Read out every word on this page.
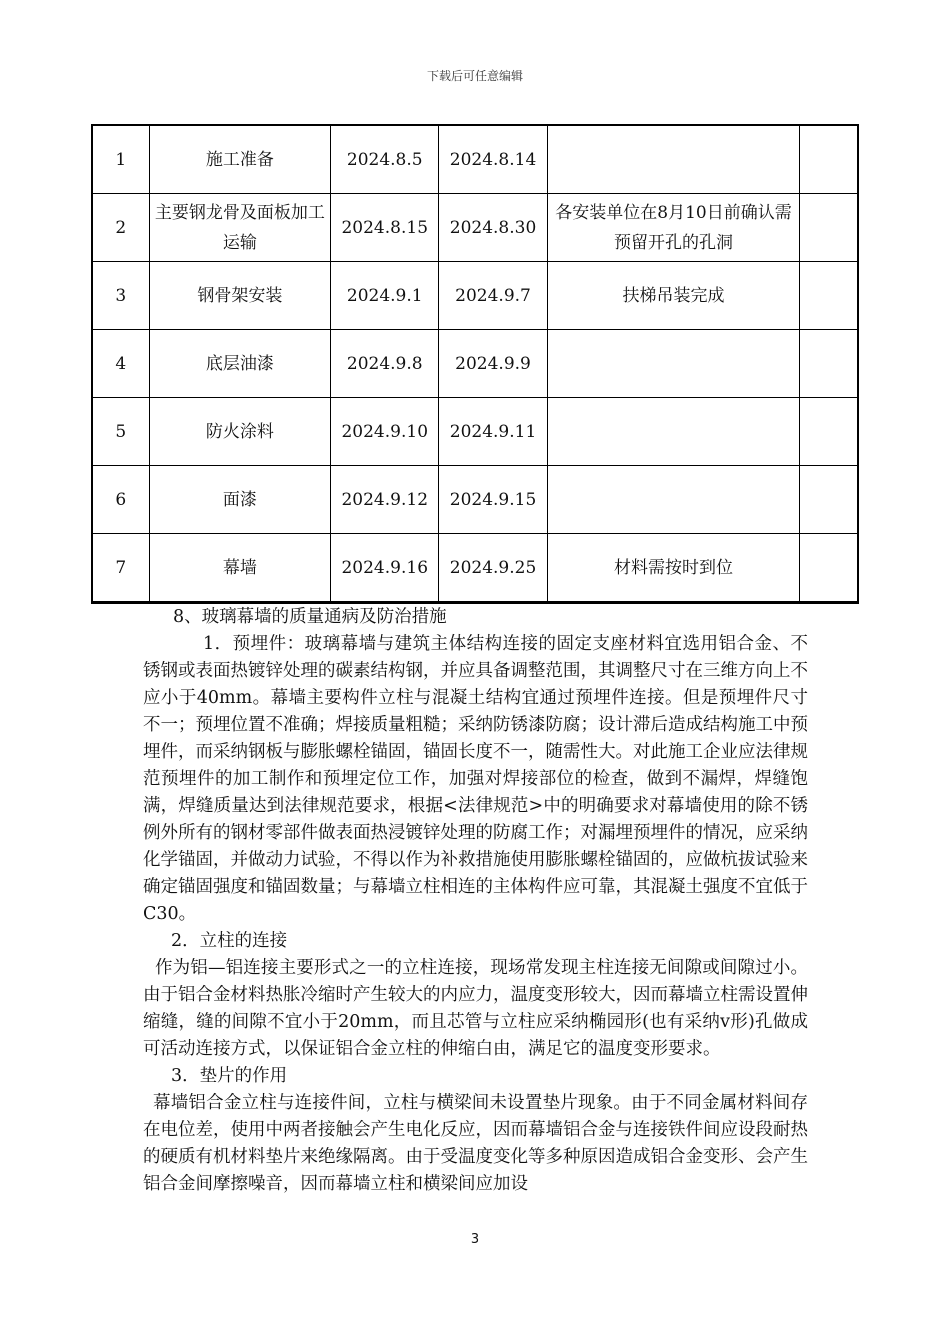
下载后可任意编辑
1	施工准备	2024.8.5	2024.8.14		
2	主要钢龙骨及面板加工运输	2024.8.15	2024.8.30	各安装单位在8月10日前确认需预留开孔的孔洞	
3	钢骨架安装	2024.9.1	2024.9.7	扶梯吊装完成	
4	底层油漆	2024.9.8	2024.9.9		
5	防火涂料	2024.9.10	2024.9.11		
6	面漆	2024.9.12	2024.9.15		
7	幕墙	2024.9.16	2024.9.25	材料需按时到位	

8、玻璃幕墙的质量通病及防治措施

1．预埋件：玻璃幕墙与建筑主体结构连接的固定支座材料宜选用铝合金、不锈钢或表面热镀锌处理的碳素结构钢，并应具备调整范围，其调整尺寸在三维方向上不应小于40mm。幕墙主要构件立柱与混凝土结构宜通过预埋件连接。但是预埋件尺寸不一；预埋位置不准确；焊接质量粗糙；采纳防锈漆防腐；设计滞后造成结构施工中预埋件，而采纳钢板与膨胀螺栓锚固，锚固长度不一，随需性大。对此施工企业应法律规范预埋件的加工制作和预埋定位工作，加强对焊接部位的检查，做到不漏焊，焊缝饱满，焊缝质量达到法律规范要求，根据<法律规范>中的明确要求对幕墙使用的除不锈例外所有的钢材零部件做表面热浸镀锌处理的防腐工作；对漏埋预埋件的情况，应采纳化学锚固，并做动力试验，不得以作为补救措施使用膨胀螺栓锚固的，应做杭拔试验来确定锚固强度和锚固数量；与幕墙立柱相连的主体构件应可靠，其混凝土强度不宜低于C30。

2．立柱的连接

作为铝—铝连接主要形式之一的立柱连接，现场常发现主柱连接无间隙或间隙过小。由于铝合金材料热胀冷缩时产生较大的内应力，温度变形较大，因而幕墙立柱需设置伸缩缝，缝的间隙不宜小于20mm，而且芯管与立柱应采纳椭园形(也有采纳v形)孔做成可活动连接方式，以保证铝合金立柱的伸缩白由，满足它的温度变形要求。

3．垫片的作用

幕墙铝合金立柱与连接件间，立柱与横梁间未设置垫片现象。由于不同金属材料间存在电位差，使用中两者接触会产生电化反应，因而幕墙铝合金与连接铁件间应设段耐热的硬质有机材料垫片来绝缘隔离。由于受温度变化等多种原因造成铝合金变形、会产生铝合金间摩擦噪音，因而幕墙立柱和横梁间应加设

3
